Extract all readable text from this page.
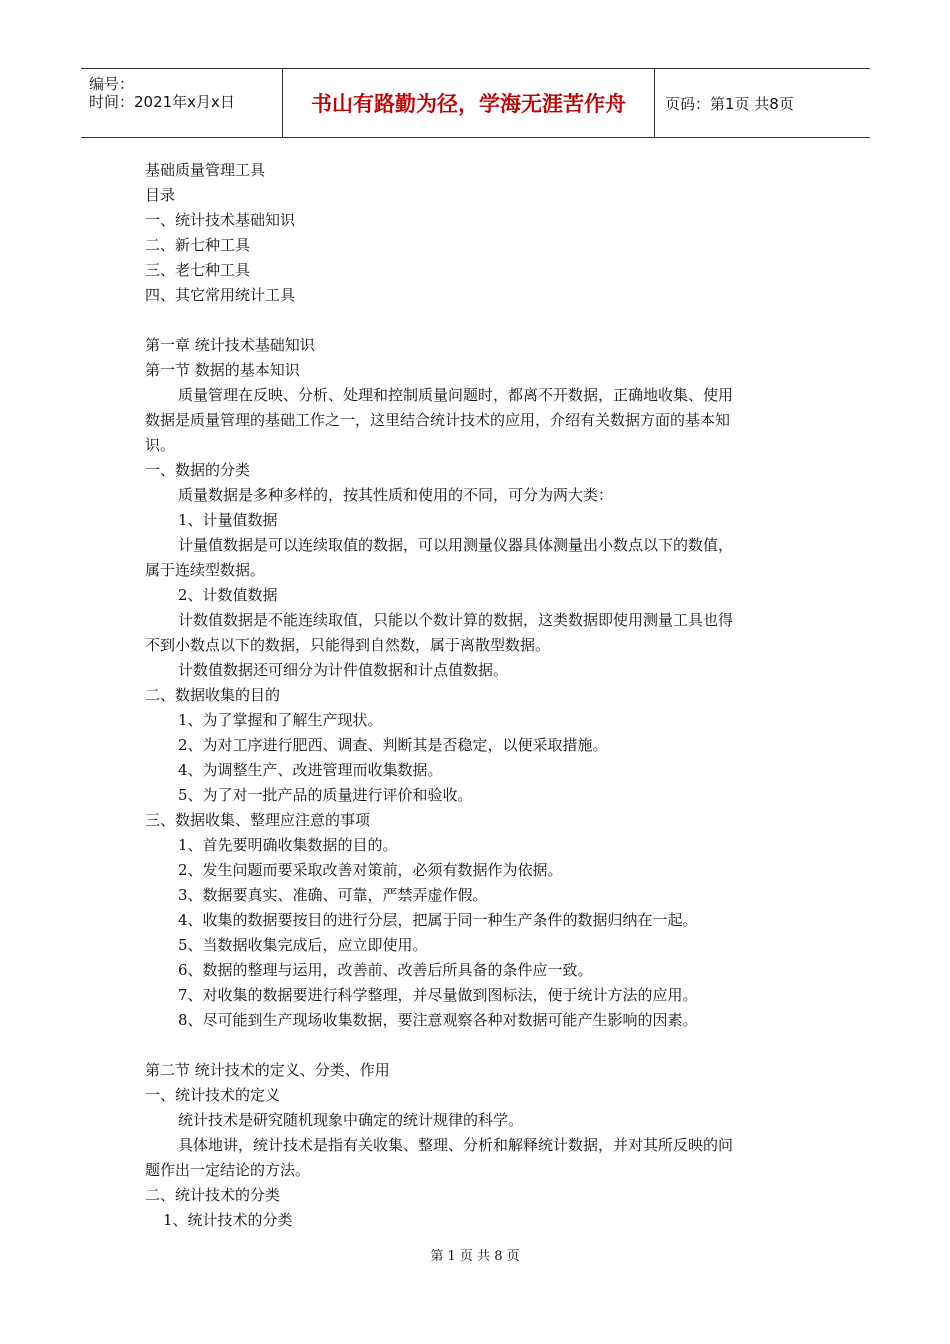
编号：
时间：2021年x月x日	书山有路勤为径，学海无涯苦作舟	页码：第1页 共8页
基础质量管理工具
目录
一、统计技术基础知识
二、新七种工具
三、老七种工具
四、其它常用统计工具
第一章 统计技术基础知识
第一节 数据的基本知识
质量管理在反映、分析、处理和控制质量问题时，都离不开数据，正确地收集、使用
数据是质量管理的基础工作之一，这里结合统计技术的应用，介绍有关数据方面的基本知
识。
一、数据的分类
质量数据是多种多样的，按其性质和使用的不同，可分为两大类：
1、计量值数据
计量值数据是可以连续取值的数据，可以用测量仪器具体测量出小数点以下的数值，
属于连续型数据。
2、计数值数据
计数值数据是不能连续取值，只能以个数计算的数据，这类数据即使用测量工具也得
不到小数点以下的数据，只能得到自然数，属于离散型数据。
计数值数据还可细分为计件值数据和计点值数据。
二、数据收集的目的
1、为了掌握和了解生产现状。
2、为对工序进行肥西、调查、判断其是否稳定，以便采取措施。
4、为调整生产、改进管理而收集数据。
5、为了对一批产品的质量进行评价和验收。
三、数据收集、整理应注意的事项
1、首先要明确收集数据的目的。
2、发生问题而要采取改善对策前，必须有数据作为依据。
3、数据要真实、准确、可靠，严禁弄虚作假。
4、收集的数据要按目的进行分层，把属于同一种生产条件的数据归纳在一起。
5、当数据收集完成后，应立即使用。
6、数据的整理与运用，改善前、改善后所具备的条件应一致。
7、对收集的数据要进行科学整理，并尽量做到图标法，便于统计方法的应用。
8、尽可能到生产现场收集数据，要注意观察各种对数据可能产生影响的因素。
第二节 统计技术的定义、分类、作用
一、统计技术的定义
统计技术是研究随机现象中确定的统计规律的科学。
具体地讲，统计技术是指有关收集、整理、分析和解释统计数据，并对其所反映的问
题作出一定结论的方法。
二、统计技术的分类
1、统计技术的分类
第 1 页 共 8 页
